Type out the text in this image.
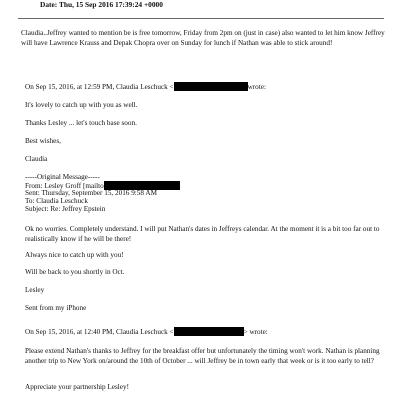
Date: Thu, 15 Sep 2016 17:39:24 +0000
Claudia..Jeffrey wanted to mention be is free tomorrow, Friday from 2pm on (just in case) also wanted to let him know Jeffrey will have Lawrence Krauss and Depak Chopra over on Sunday for lunch if Nathan was able to stick around!
On Sep 15, 2016, at 12:59 PM, Claudia Leschuck <	wrote:
It's lovely to catch up with you as well.
Thanks Lesley ... let's touch base soon.
Best wishes,
Claudia
-----Original Message-----
From: Lesley Groff [mailto
Sent: Thursday, September 15, 2016 9:58 AM
To: Claudia Leschuck
Subject: Re: Jeffrey Epstein
Ok no worries. Completely understand. I will put Nathan's dates in Jeffreys calendar. At the moment it is a bit too far out to realistically know if he will be there!
Always nice to catch up with you!
Will be back to you shortly in Oct.
Lesley
Sent from my iPhone
On Sep 15, 2016, at 12:40 PM, Claudia Leschuck <	> wrote:
Please extend Nathan's thanks to Jeffrey for the breakfast offer but unfortunately the timing won't work. Nathan is planning another trip to New York on/around the 10th of October ... will Jeffrey be in town early that week or is it too early to tell?
Appreciate your partnership Lesley!
